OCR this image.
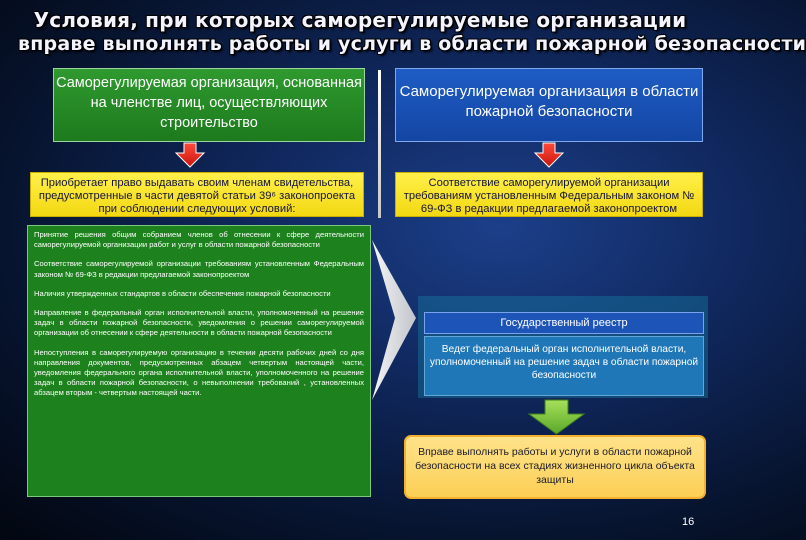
Условия, при которых саморегулируемые организации
вправе выполнять работы и услуги в области пожарной безопасности
Саморегулируемая организация, основанная на членстве лиц, осуществляющих строительство
Саморегулируемая организация в области пожарной безопасности
Приобретает право выдавать своим членам свидетельства, предусмотренные в части девятой статьи 39⁶ законопроекта при соблюдении следующих условий:
Соответствие саморегулируемой организации требованиям установленным Федеральным законом № 69-ФЗ в редакции предлагаемой законопроектом

Принятие решения общим собранием членов об отнесении к сфере деятельности саморегулируемой организации работ и услуг в области пожарной безопасности

Соответствие саморегулируемой организации требованиям установленным Федеральным законом № 69-ФЗ в редакции предлагаемой законопроектом

Наличия утвержденных стандартов в области обеспечения пожарной безопасности

Направление в федеральный орган исполнительной власти, уполномоченный на решение задач в области пожарной безопасности, уведомления о решении саморегулируемой организации об отнесении к сфере деятельности в области пожарной безопасности

Непоступления в саморегулируемую организацию в течении десяти рабочих дней со дня направления документов, предусмотренных абзацем четвертым настоящей части, уведомления федерального органа исполнительной власти, уполномоченного на решение задач в области пожарной безопасности, о невыполнении требований , установленных абзацем вторым - четвертым настоящей части.

Государственный реестр
Ведет федеральный орган исполнительной власти, уполномоченный на решение задач в области пожарной безопасности
Вправе выполнять работы и услуги в области пожарной безопасности на всех стадиях жизненного цикла объекта защиты
16
